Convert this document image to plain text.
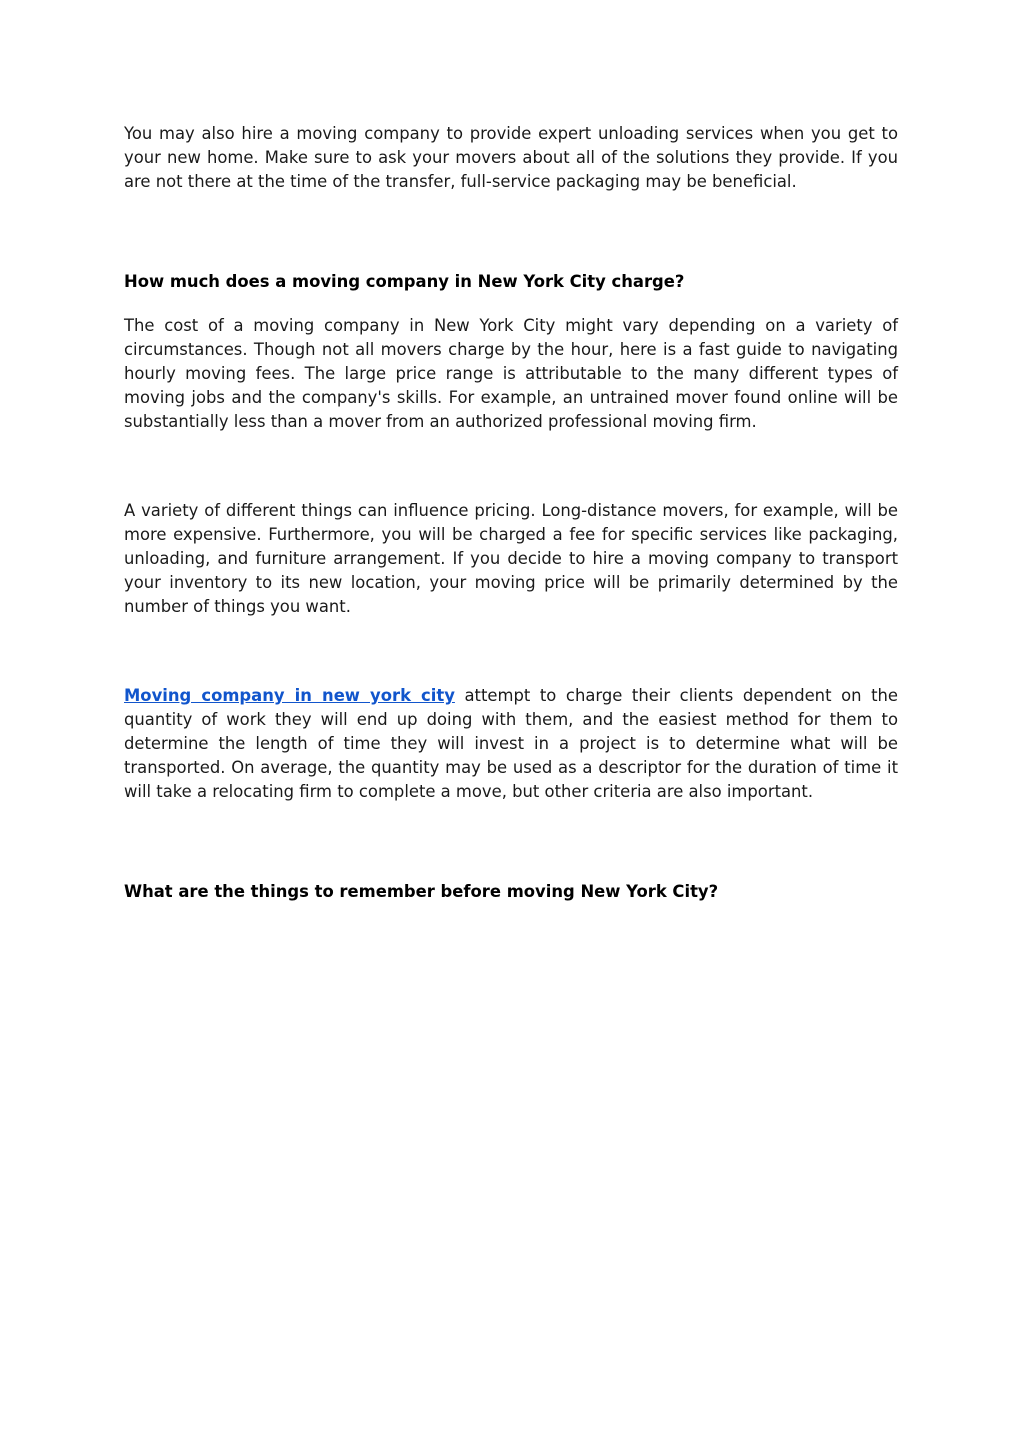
You may also hire a moving company to provide expert unloading services when you get to your new home. Make sure to ask your movers about all of the solutions they provide. If you are not there at the time of the transfer, full-service packaging may be beneficial.

How much does a moving company in New York City charge?

The cost of a moving company in New York City might vary depending on a variety of circumstances. Though not all movers charge by the hour, here is a fast guide to navigating hourly moving fees. The large price range is attributable to the many different types of moving jobs and the company's skills. For example, an untrained mover found online will be substantially less than a mover from an authorized professional moving firm.

A variety of different things can influence pricing. Long-distance movers, for example, will be more expensive. Furthermore, you will be charged a fee for specific services like packaging, unloading, and furniture arrangement. If you decide to hire a moving company to transport your inventory to its new location, your moving price will be primarily determined by the number of things you want.

Moving company in new york city attempt to charge their clients dependent on the quantity of work they will end up doing with them, and the easiest method for them to determine the length of time they will invest in a project is to determine what will be transported. On average, the quantity may be used as a descriptor for the duration of time it will take a relocating firm to complete a move, but other criteria are also important.

What are the things to remember before moving New York City?
